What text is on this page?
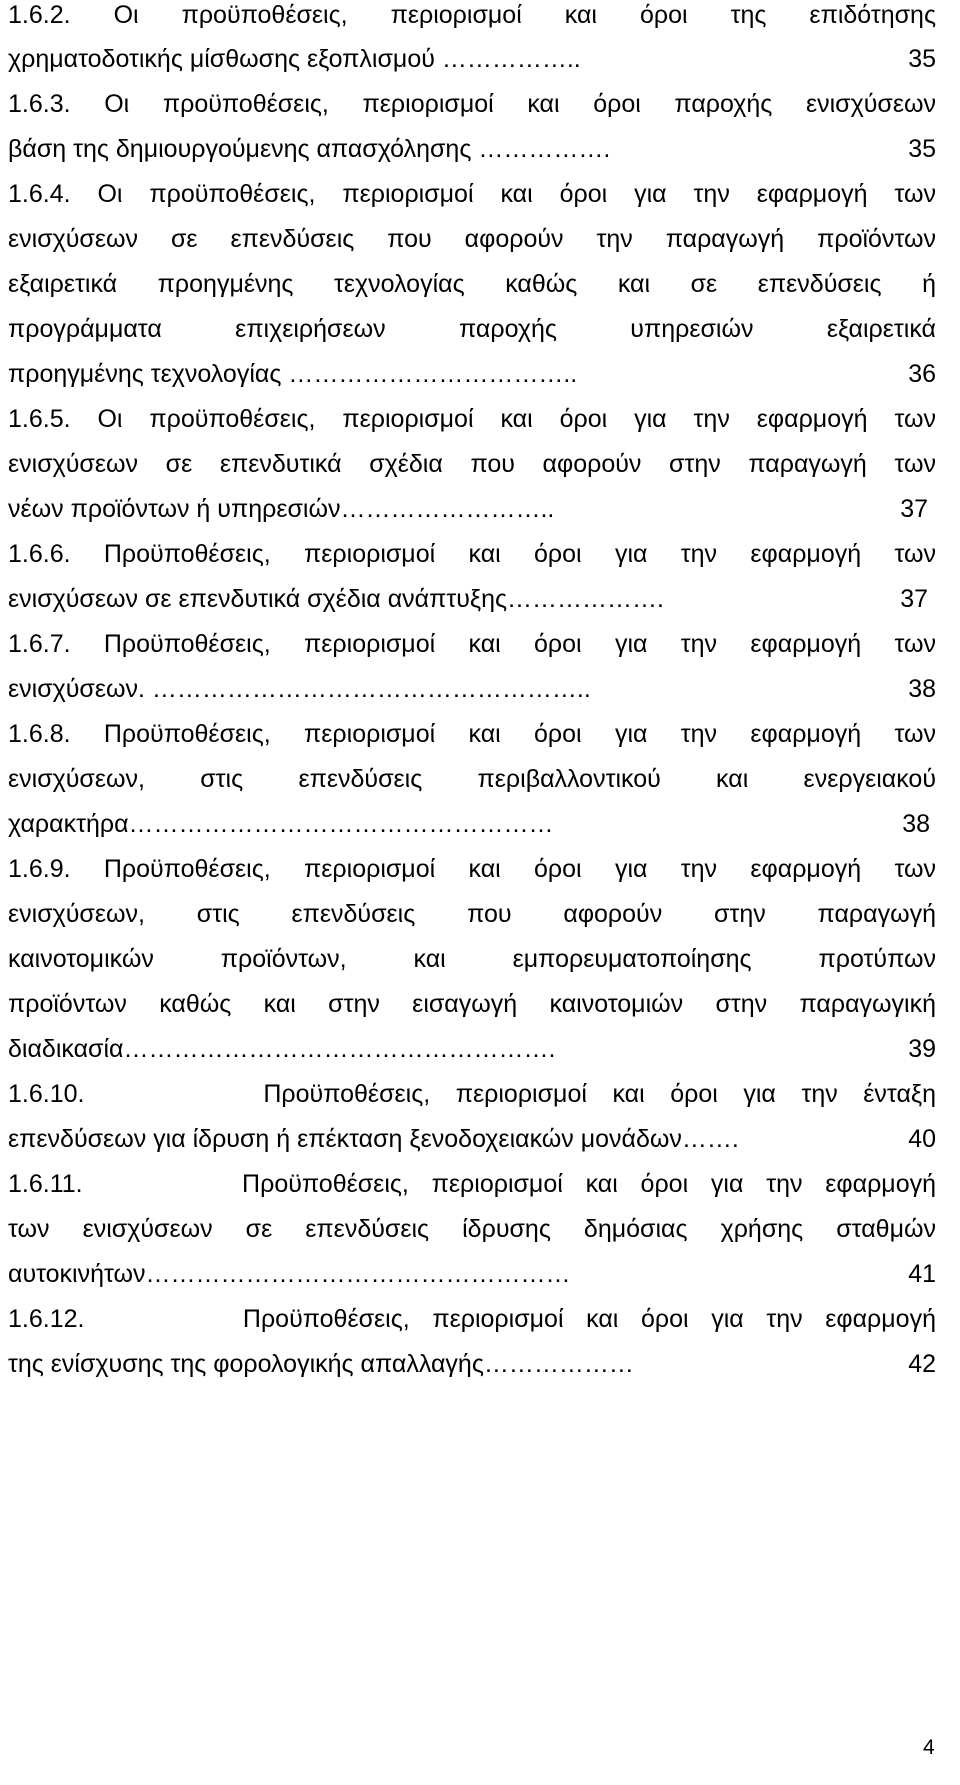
1.6.2. Οι προϋποθέσεις, περιορισμοί και όροι της επιδότησης
χρηματοδοτικής μίσθωσης εξοπλισμού ……………..	35
1.6.3. Οι προϋποθέσεις, περιορισμοί και όροι παροχής ενισχύσεων
βάση της δημιουργούμενης απασχόλησης …………….	35
1.6.4. Οι προϋποθέσεις, περιορισμοί και όροι για την εφαρμογή των
ενισχύσεων σε επενδύσεις που αφορούν την παραγωγή προϊόντων
εξαιρετικά προηγμένης τεχνολογίας καθώς και σε επενδύσεις ή
προγράμματα επιχειρήσεων παροχής υπηρεσιών εξαιρετικά
προηγμένης τεχνολογίας ……………………………..	36
1.6.5. Οι προϋποθέσεις, περιορισμοί και όροι για την εφαρμογή των
ενισχύσεων σε επενδυτικά σχέδια που αφορούν στην παραγωγή των
νέων προϊόντων ή υπηρεσιών……………………..	37
1.6.6. Προϋποθέσεις, περιορισμοί και όροι για την εφαρμογή των
ενισχύσεων σε επενδυτικά σχέδια ανάπτυξης……………….	37
1.6.7. Προϋποθέσεις, περιορισμοί και όροι για την εφαρμογή των
ενισχύσεων. ……………………………………………..	38
1.6.8. Προϋποθέσεις, περιορισμοί και όροι για την εφαρμογή των
ενισχύσεων, στις επενδύσεις περιβαλλοντικού και ενεργειακού
χαρακτήρα……………………………………………	38
1.6.9. Προϋποθέσεις, περιορισμοί και όροι για την εφαρμογή των
ενισχύσεων, στις επενδύσεις που αφορούν στην παραγωγή
καινοτομικών προϊόντων, και εμπορευματοποίησης προτύπων
προϊόντων καθώς και στην εισαγωγή καινοτομιών στην παραγωγική
διαδικασία…………………………………………….	39
1.6.10.       Προϋποθέσεις, περιορισμοί και όροι για την ένταξη
επενδύσεων για ίδρυση ή επέκταση ξενοδοχειακών μονάδων…….	40
1.6.11.       Προϋποθέσεις, περιορισμοί και όροι για την εφαρμογή
των ενισχύσεων σε επενδύσεις ίδρυσης δημόσιας χρήσης σταθμών
αυτοκινήτων……………………………………………	41
1.6.12.       Προϋποθέσεις, περιορισμοί και όροι για την εφαρμογή
της ενίσχυσης της φορολογικής απαλλαγής………………	42
4
